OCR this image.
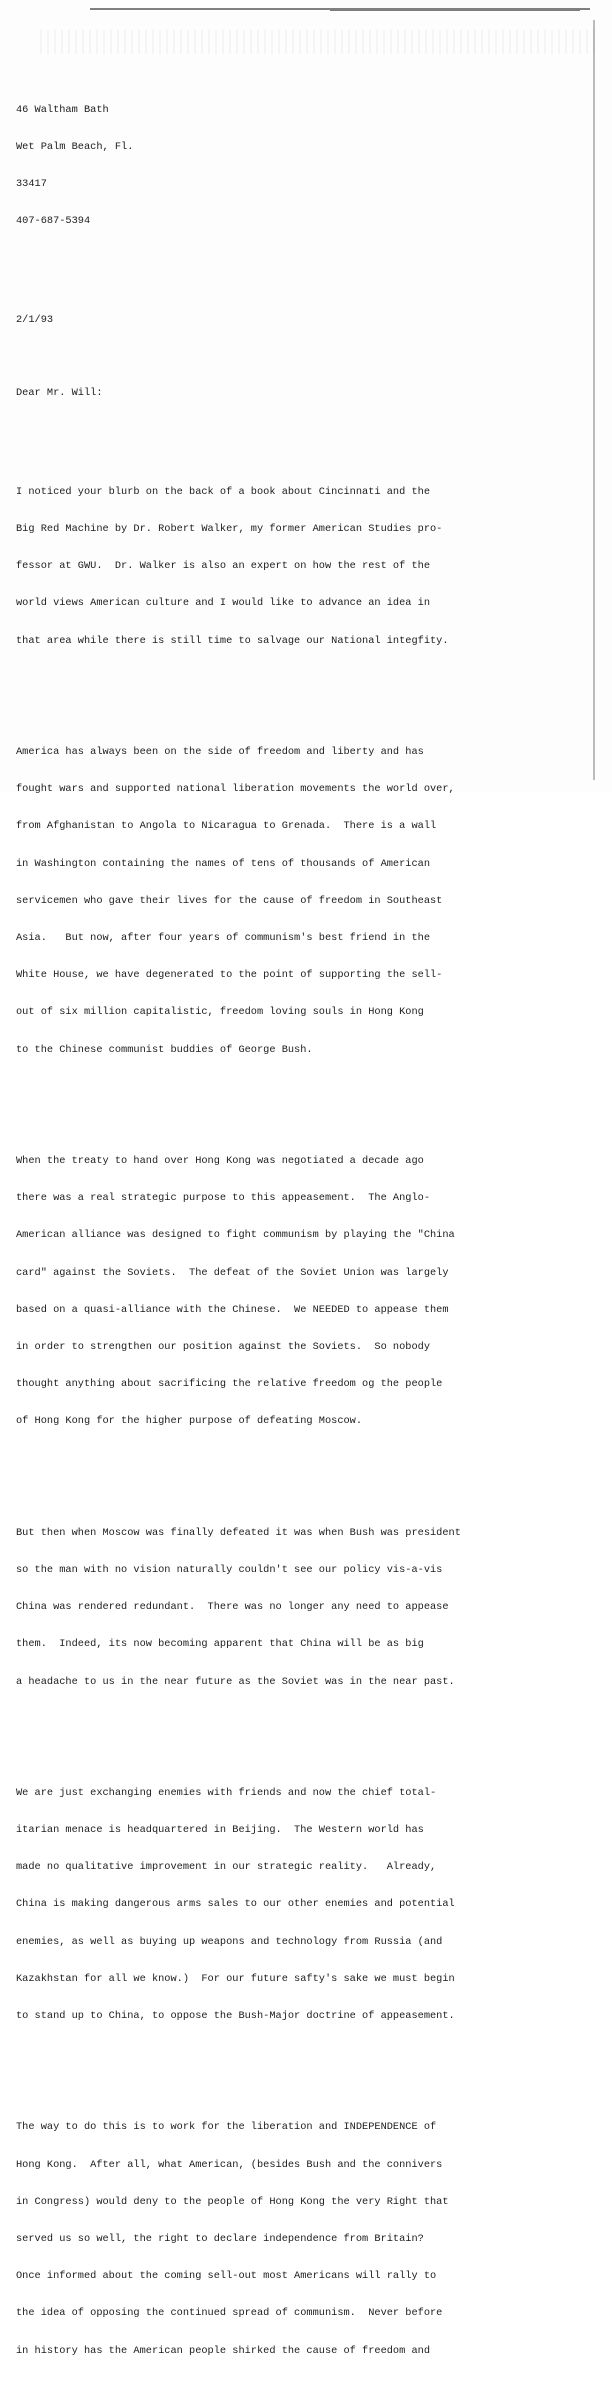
46 Waltham Bath

Wet Palm Beach, Fl.

33417

407-687-5394

2/1/93

Dear Mr. Will:

I noticed your blurb on the back of a book about Cincinnati and the

Big Red Machine by Dr. Robert Walker, my former American Studies pro-

fessor at GWU.  Dr. Walker is also an expert on how the rest of the

world views American culture and I would like to advance an idea in

that area while there is still time to salvage our National integfity.

America has always been on the side of freedom and liberty and has

fought wars and supported national liberation movements the world over,

from Afghanistan to Angola to Nicaragua to Grenada.  There is a wall

in Washington containing the names of tens of thousands of American

servicemen who gave their lives for the cause of freedom in Southeast

Asia.   But now, after four years of communism's best friend in the

White House, we have degenerated to the point of supporting the sell-

out of six million capitalistic, freedom loving souls in Hong Kong

to the Chinese communist buddies of George Bush.

When the treaty to hand over Hong Kong was negotiated a decade ago

there was a real strategic purpose to this appeasement.  The Anglo-

American alliance was designed to fight communism by playing the "China

card" against the Soviets.  The defeat of the Soviet Union was largely

based on a quasi-alliance with the Chinese.  We NEEDED to appease them

in order to strengthen our position against the Soviets.  So nobody

thought anything about sacrificing the relative freedom og the people

of Hong Kong for the higher purpose of defeating Moscow.

But then when Moscow was finally defeated it was when Bush was president

so the man with no vision naturally couldn't see our policy vis-a-vis

China was rendered redundant.  There was no longer any need to appease

them.  Indeed, its now becoming apparent that China will be as big

a headache to us in the near future as the Soviet was in the near past.

We are just exchanging enemies with friends and now the chief total-

itarian menace is headquartered in Beijing.  The Western world has

made no qualitative improvement in our strategic reality.   Already,

China is making dangerous arms sales to our other enemies and potential

enemies, as well as buying up weapons and technology from Russia (and

Kazakhstan for all we know.)  For our future safty's sake we must begin

to stand up to China, to oppose the Bush-Major doctrine of appeasement.

The way to do this is to work for the liberation and INDEPENDENCE of

Hong Kong.  After all, what American, (besides Bush and the connivers

in Congress) would deny to the people of Hong Kong the very Right that

served us so well, the right to declare independence from Britain?

Once informed about the coming sell-out most Americans will rally to

the idea of opposing the continued spread of communism.  Never before

in history has the American people shirked the cause of freedom and
